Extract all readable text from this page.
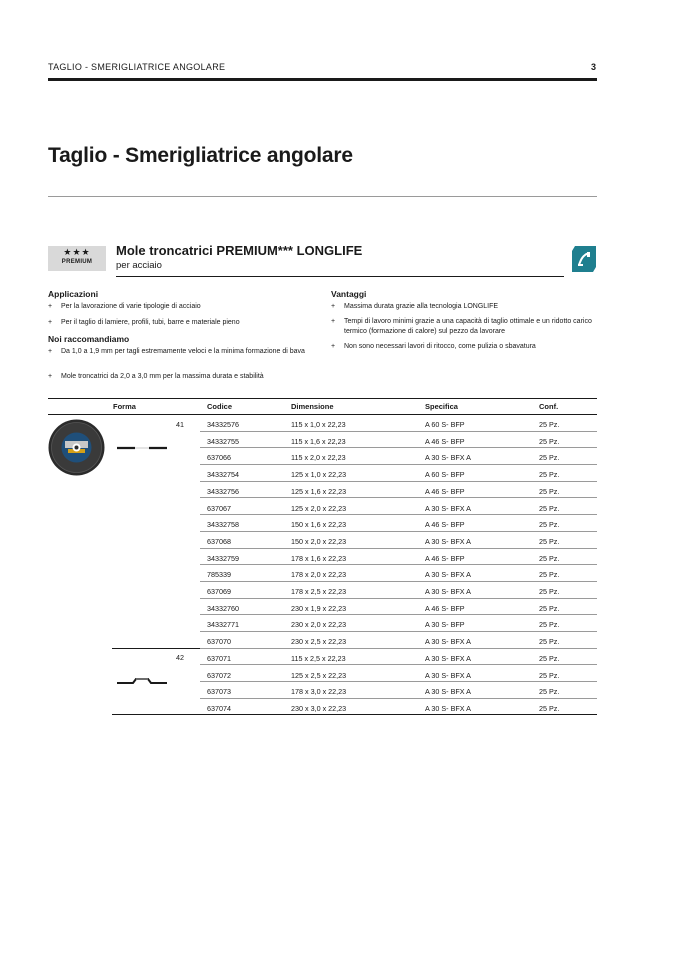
TAGLIO - SMERIGLIATRICE ANGOLARE	3
Taglio - Smerigliatrice angolare
★★★
PREMIUM
Mole troncatrici PREMIUM*** LONGLIFE
per acciaio
Applicazioni
+ Per la lavorazione di varie tipologie di acciaio
+ Per il taglio di lamiere, profili, tubi, barre e materiale pieno
Noi raccomandiamo
+ Da 1,0 a 1,9 mm per tagli estremamente veloci e la minima formazione di bava
+ Mole troncatrici da 2,0 a 3,0 mm per la massima durata e stabilità
Vantaggi
+ Massima durata grazie alla tecnologia LONGLIFE
+ Tempi di lavoro minimi grazie a una capacità di taglio ottimale e un ridotto carico termico (formazione di calore) sul pezzo da lavorare
+ Non sono necessari lavori di ritocco, come pulizia o sbavatura
Forma	Codice	Dimensione	Specifica	Conf.
41
42
34332576	115 x 1,0 x 22,23	A 60 S- BFP	25 Pz.
34332755	115 x 1,6 x 22,23	A 46 S- BFP	25 Pz.
637066	115 x 2,0 x 22,23	A 30 S- BFX A	25 Pz.
34332754	125 x 1,0 x 22,23	A 60 S- BFP	25 Pz.
34332756	125 x 1,6 x 22,23	A 46 S- BFP	25 Pz.
637067	125 x 2,0 x 22,23	A 30 S- BFX A	25 Pz.
34332758	150 x 1,6 x 22,23	A 46 S- BFP	25 Pz.
637068	150 x 2,0 x 22,23	A 30 S- BFX A	25 Pz.
34332759	178 x 1,6 x 22,23	A 46 S- BFP	25 Pz.
785339	178 x 2,0 x 22,23	A 30 S- BFX A	25 Pz.
637069	178 x 2,5 x 22,23	A 30 S- BFX A	25 Pz.
34332760	230 x 1,9 x 22,23	A 46 S- BFP	25 Pz.
34332771	230 x 2,0 x 22,23	A 30 S- BFP	25 Pz.
637070	230 x 2,5 x 22,23	A 30 S- BFX A	25 Pz.
637071	115 x 2,5 x 22,23	A 30 S- BFX A	25 Pz.
637072	125 x 2,5 x 22,23	A 30 S- BFX A	25 Pz.
637073	178 x 3,0 x 22,23	A 30 S- BFX A	25 Pz.
637074	230 x 3,0 x 22,23	A 30 S- BFX A	25 Pz.
